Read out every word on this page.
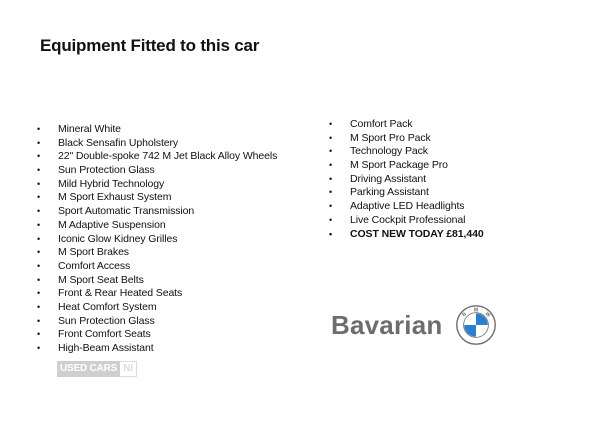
Equipment Fitted to this car
• Mineral White
• Black Sensafin Upholstery
• 22" Double-spoke 742 M Jet Black Alloy Wheels
• Sun Protection Glass
• Mild Hybrid Technology
• M Sport Exhaust System
• Sport Automatic Transmission
• M Adaptive Suspension
• Iconic Glow Kidney Grilles
• M Sport Brakes
• Comfort Access
• M Sport Seat Belts
• Front & Rear Heated Seats
• Heat Comfort System
• Sun Protection Glass
• Front Comfort Seats
• High-Beam Assistant
• Comfort Pack
• M Sport Pro Pack
• Technology Pack
• M Sport Package Pro
• Driving Assistant
• Parking Assistant
• Adaptive LED Headlights
• Live Cockpit Professional
• COST NEW TODAY £81,440
USED CARS NI
Bavarian	B
M
W
